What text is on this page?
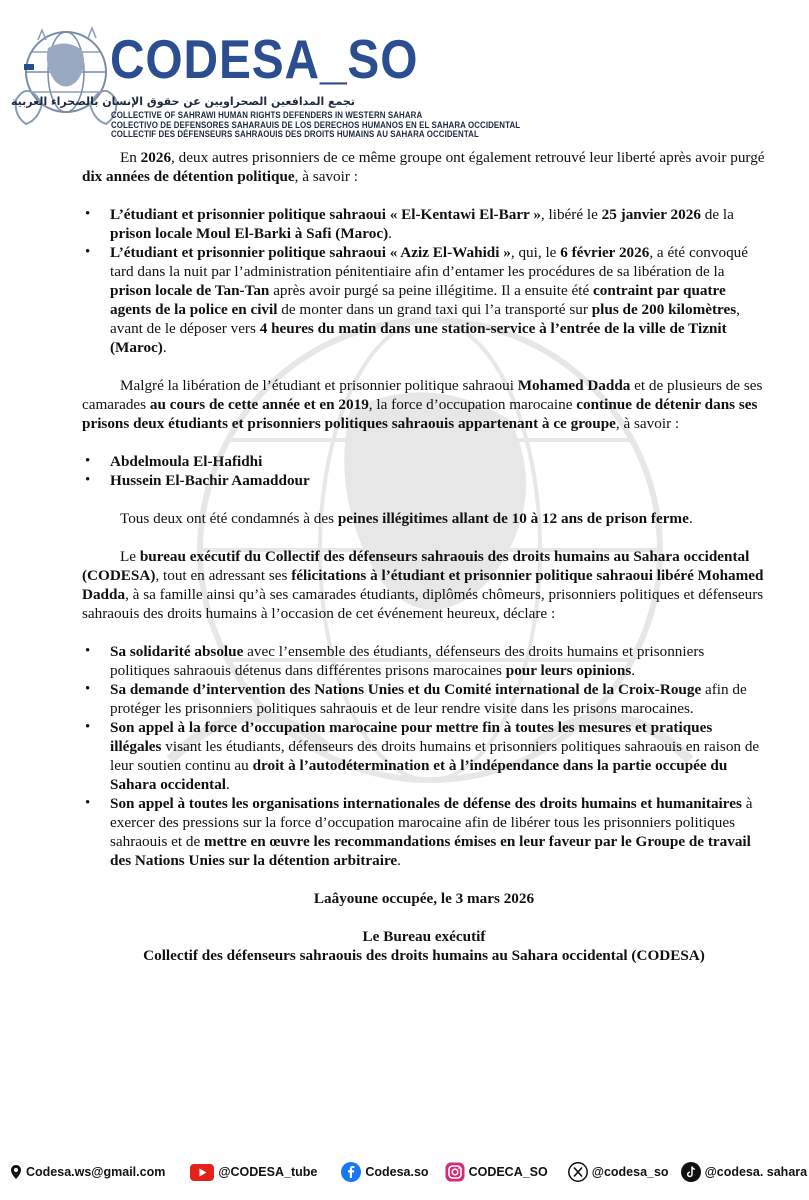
CODESA_SO
تجمع المدافعين الصحراويين عن حقوق الإنسان بالصحراء الغربية
COLLECTIVE OF SAHRAWI HUMAN RIGHTS DEFENDERS IN WESTERN SAHARA
COLECTIVO DE DEFENSORES SAHARAUIS DE LOS DERECHOS HUMANOS EN EL SAHARA OCCIDENTAL
COLLECTIF DES DÉFENSEURS SAHRAOUIS DES DROITS HUMAINS AU SAHARA OCCIDENTAL

En 2026, deux autres prisonniers de ce même groupe ont également retrouvé leur liberté après avoir purgé dix années de détention politique, à savoir :

• L’étudiant et prisonnier politique sahraoui « El-Kentawi El-Barr », libéré le 25 janvier 2026 de la prison locale Moul El-Barki à Safi (Maroc).
• L’étudiant et prisonnier politique sahraoui « Aziz El-Wahidi », qui, le 6 février 2026, a été convoqué tard dans la nuit par l’administration pénitentiaire afin d’entamer les procédures de sa libération de la prison locale de Tan-Tan après avoir purgé sa peine illégitime. Il a ensuite été contraint par quatre agents de la police en civil de monter dans un grand taxi qui l’a transporté sur plus de 200 kilomètres, avant de le déposer vers 4 heures du matin dans une station-service à l’entrée de la ville de Tiznit (Maroc).

Malgré la libération de l’étudiant et prisonnier politique sahraoui Mohamed Dadda et de plusieurs de ses camarades au cours de cette année et en 2019, la force d’occupation marocaine continue de détenir dans ses prisons deux étudiants et prisonniers politiques sahraouis appartenant à ce groupe, à savoir :

• Abdelmoula El-Hafidhi
• Hussein El-Bachir Aamaddour

Tous deux ont été condamnés à des peines illégitimes allant de 10 à 12 ans de prison ferme.

Le bureau exécutif du Collectif des défenseurs sahraouis des droits humains au Sahara occidental (CODESA), tout en adressant ses félicitations à l’étudiant et prisonnier politique sahraoui libéré Mohamed Dadda, à sa famille ainsi qu’à ses camarades étudiants, diplômés chômeurs, prisonniers politiques et défenseurs sahraouis des droits humains à l’occasion de cet événement heureux, déclare :

• Sa solidarité absolue avec l’ensemble des étudiants, défenseurs des droits humains et prisonniers politiques sahraouis détenus dans différentes prisons marocaines pour leurs opinions.
• Sa demande d’intervention des Nations Unies et du Comité international de la Croix-Rouge afin de protéger les prisonniers politiques sahraouis et de leur rendre visite dans les prisons marocaines.
• Son appel à la force d’occupation marocaine pour mettre fin à toutes les mesures et pratiques illégales visant les étudiants, défenseurs des droits humains et prisonniers politiques sahraouis en raison de leur soutien continu au droit à l’autodétermination et à l’indépendance dans la partie occupée du Sahara occidental.
• Son appel à toutes les organisations internationales de défense des droits humains et humanitaires à exercer des pressions sur la force d’occupation marocaine afin de libérer tous les prisonniers politiques sahraouis et de mettre en œuvre les recommandations émises en leur faveur par le Groupe de travail des Nations Unies sur la détention arbitraire.

Laâyoune occupée, le 3 mars 2026

Le Bureau exécutif

Collectif des défenseurs sahraouis des droits humains au Sahara occidental (CODESA)

Codesa.ws@gmail.com	@CODESA_tube	Codesa.so	CODECA_SO	@codesa_so	@codesa. sahara
